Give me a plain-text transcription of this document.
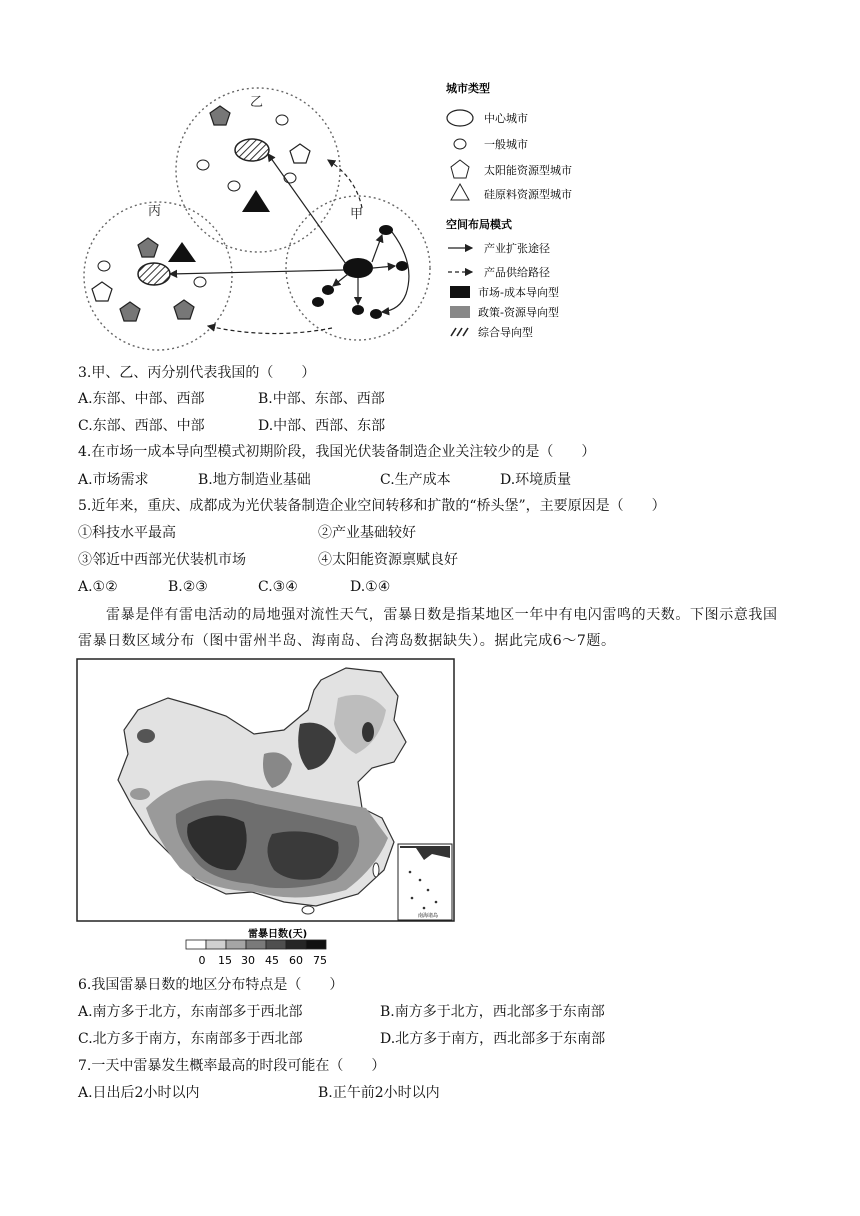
乙
丙	甲
城市类型
中心城市
一般城市
太阳能资源型城市
硅原料资源型城市
空间布局模式
产业扩张途径
产品供给路径
市场-成本导向型
政策-资源导向型
综合导向型
3.甲、乙、丙分别代表我国的（　　）
A.东部、中部、西部	B.中部、东部、西部
C.东部、西部、中部	D.中部、西部、东部
4.在市场一成本导向型模式初期阶段，我国光伏装备制造企业关注较少的是（　　）
A.市场需求	B.地方制造业基础	C.生产成本	D.环境质量
5.近年来，重庆、成都成为光伏装备制造企业空间转移和扩散的“桥头堡”，主要原因是（　　）
①科技水平最高	②产业基础较好
③邻近中西部光伏装机市场	④太阳能资源禀赋良好
A.①②	B.②③	C.③④	D.①④
雷暴是伴有雷电活动的局地强对流性天气，雷暴日数是指某地区一年中有电闪雷鸣的天数。下图示意我国雷暴日数区域分布（图中雷州半岛、海南岛、台湾岛数据缺失）。据此完成6～7题。
南海诸岛
雷暴日数(天)
0 15 30 45 60 75
6.我国雷暴日数的地区分布特点是（　　）
A.南方多于北方，东南部多于西北部	B.南方多于北方，西北部多于东南部
C.北方多于南方，东南部多于西北部	D.北方多于南方，西北部多于东南部
7.一天中雷暴发生概率最高的时段可能在（　　）
A.日出后2小时以内	B.正午前2小时以内
